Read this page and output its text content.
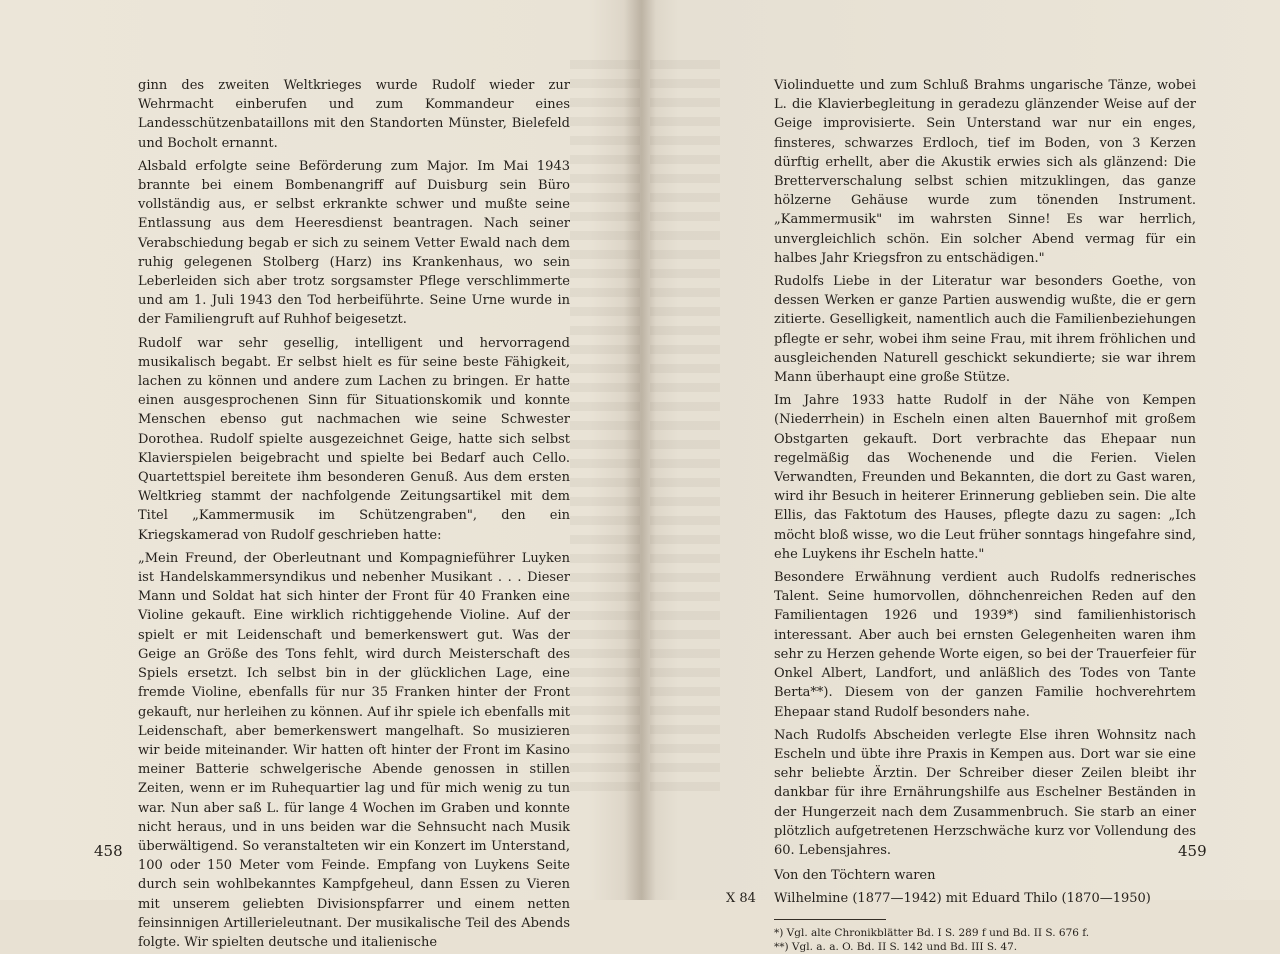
ginn des zweiten Weltkrieges wurde Rudolf wieder zur Wehrmacht einberufen und zum Kommandeur eines Landesschützenbataillons mit den Standorten Münster, Bielefeld und Bocholt ernannt.

Alsbald erfolgte seine Beförderung zum Major. Im Mai 1943 brannte bei einem Bombenangriff auf Duisburg sein Büro vollständig aus, er selbst erkrankte schwer und mußte seine Entlassung aus dem Heeresdienst beantragen. Nach seiner Verabschiedung begab er sich zu seinem Vetter Ewald nach dem ruhig gelegenen Stolberg (Harz) ins Krankenhaus, wo sein Leberleiden sich aber trotz sorgsamster Pflege verschlimmerte und am 1. Juli 1943 den Tod herbeiführte. Seine Urne wurde in der Familiengruft auf Ruhhof beigesetzt.

Rudolf war sehr gesellig, intelligent und hervorragend musikalisch begabt. Er selbst hielt es für seine beste Fähigkeit, lachen zu können und andere zum Lachen zu bringen. Er hatte einen ausgesprochenen Sinn für Situationskomik und konnte Menschen ebenso gut nachmachen wie seine Schwester Dorothea. Rudolf spielte ausgezeichnet Geige, hatte sich selbst Klavierspielen beigebracht und spielte bei Bedarf auch Cello. Quartettspiel bereitete ihm besonderen Genuß. Aus dem ersten Weltkrieg stammt der nachfolgende Zeitungsartikel mit dem Titel „Kammermusik im Schützengraben", den ein Kriegskamerad von Rudolf geschrieben hatte:

„Mein Freund, der Oberleutnant und Kompagnieführer Luyken ist Handelskammersyndikus und nebenher Musikant . . . Dieser Mann und Soldat hat sich hinter der Front für 40 Franken eine Violine gekauft. Eine wirklich richtiggehende Violine. Auf der spielt er mit Leidenschaft und bemerkenswert gut. Was der Geige an Größe des Tons fehlt, wird durch Meisterschaft des Spiels ersetzt. Ich selbst bin in der glücklichen Lage, eine fremde Violine, ebenfalls für nur 35 Franken hinter der Front gekauft, nur herleihen zu können. Auf ihr spiele ich ebenfalls mit Leidenschaft, aber bemerkenswert mangelhaft. So musizieren wir beide miteinander. Wir hatten oft hinter der Front im Kasino meiner Batterie schwelgerische Abende genossen in stillen Zeiten, wenn er im Ruhequartier lag und für mich wenig zu tun war. Nun aber saß L. für lange 4 Wochen im Graben und konnte nicht heraus, und in uns beiden war die Sehnsucht nach Musik überwältigend. So veranstalteten wir ein Konzert im Unterstand, 100 oder 150 Meter vom Feinde. Empfang von Luykens Seite durch sein wohlbekanntes Kampfgeheul, dann Essen zu Vieren mit unserem geliebten Divisionspfarrer und einem netten feinsinnigen Artillerieleutnant. Der musikalische Teil des Abends folgte. Wir spielten deutsche und italienische

458

Violinduette und zum Schluß Brahms ungarische Tänze, wobei L. die Klavierbegleitung in geradezu glänzender Weise auf der Geige improvisierte. Sein Unterstand war nur ein enges, finsteres, schwarzes Erdloch, tief im Boden, von 3 Kerzen dürftig erhellt, aber die Akustik erwies sich als glänzend: Die Bretterverschalung selbst schien mitzuklingen, das ganze hölzerne Gehäuse wurde zum tönenden Instrument. „Kammermusik" im wahrsten Sinne! Es war herrlich, unvergleichlich schön. Ein solcher Abend vermag für ein halbes Jahr Kriegsfron zu entschädigen."

Rudolfs Liebe in der Literatur war besonders Goethe, von dessen Werken er ganze Partien auswendig wußte, die er gern zitierte. Geselligkeit, namentlich auch die Familienbeziehungen pflegte er sehr, wobei ihm seine Frau, mit ihrem fröhlichen und ausgleichenden Naturell geschickt sekundierte; sie war ihrem Mann überhaupt eine große Stütze.

Im Jahre 1933 hatte Rudolf in der Nähe von Kempen (Niederrhein) in Escheln einen alten Bauernhof mit großem Obstgarten gekauft. Dort verbrachte das Ehepaar nun regelmäßig das Wochenende und die Ferien. Vielen Verwandten, Freunden und Bekannten, die dort zu Gast waren, wird ihr Besuch in heiterer Erinnerung geblieben sein. Die alte Ellis, das Faktotum des Hauses, pflegte dazu zu sagen: „Ich möcht bloß wisse, wo die Leut früher sonntags hingefahre sind, ehe Luykens ihr Escheln hatte."

Besondere Erwähnung verdient auch Rudolfs rednerisches Talent. Seine humorvollen, döhnchenreichen Reden auf den Familientagen 1926 und 1939*) sind familienhistorisch interessant. Aber auch bei ernsten Gelegenheiten waren ihm sehr zu Herzen gehende Worte eigen, so bei der Trauerfeier für Onkel Albert, Landfort, und anläßlich des Todes von Tante Berta**). Diesem von der ganzen Familie hochverehrtem Ehepaar stand Rudolf besonders nahe.

Nach Rudolfs Abscheiden verlegte Else ihren Wohnsitz nach Escheln und übte ihre Praxis in Kempen aus. Dort war sie eine sehr beliebte Ärztin. Der Schreiber dieser Zeilen bleibt ihr dankbar für ihre Ernährungshilfe aus Eschelner Beständen in der Hungerzeit nach dem Zusammenbruch. Sie starb an einer plötzlich aufgetretenen Herzschwäche kurz vor Vollendung des 60. Lebensjahres.

Von den Töchtern waren

X 84	Wilhelmine (1877—1942) mit Eduard Thilo (1870—1950)

*) Vgl. alte Chronikblätter Bd. I S. 289 f und Bd. II S. 676 f.

**) Vgl. a. a. O. Bd. II S. 142 und Bd. III S. 47.

459
